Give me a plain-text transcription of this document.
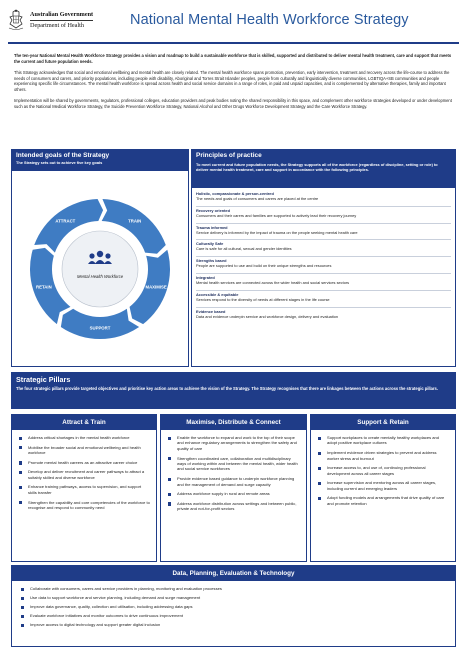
Australian Government
Department of Health	National Mental Health Workforce Strategy

The ten-year National Mental Health Workforce Strategy provides a vision and roadmap to build a sustainable workforce that is skilled, supported and distributed to deliver mental health treatment, care and support that meets the current and future population needs.

This Strategy acknowledges that social and emotional wellbeing and mental health are closely related. The mental health workforce spans promotion, prevention, early intervention, treatment and recovery across the life-course to address the needs of consumers and carers, and priority populations, including people with disability, Aboriginal and Torres Strait Islander peoples, people from culturally and linguistically diverse communities, LGBTIQA+SB communities and people experiencing specific life circumstances. The mental health workforce is spread across health and social service domains in a range of roles, in paid and unpaid capacities, and is complemented by alternative therapies, family and important others.

Implementation will be shared by governments, regulators, professional colleges, education providers and peak bodies noting the shared responsibility in this space, and complement other workforce strategies developed or under development such as the National Medical Workforce Strategy, the Suicide Prevention Workforce Strategy, National Alcohol and Other Drugs Workforce Development Strategy and the Care Workforce Strategy.

Intended goals of the Strategy
The Strategy sets out to achieve five key goals
Mental Health Workforce
ATTRACT	TRAIN
MAXIMISE
SUPPORT
RETAIN
Principles of practice
To meet current and future population needs, the Strategy supports all of the workforce (regardless of discipline, setting or role) to deliver mental health treatment, care and support in accordance with the following principles.
Holistic, compassionate & person-centred
The needs and goals of consumers and carers are placed at the centre
Recovery oriented
Consumers and their carers and families are supported to actively lead their recovery journey
Trauma informed
Service delivery is informed by the impact of trauma on the people seeking mental health care
Culturally Safe
Care is safe for all cultural, sexual and gender identities
Strengths based
People are supported to use and build on their unique strengths and resources
Integrated
Mental health services are connected across the wider health and social services sectors
Accessible & equitable
Services respond to the diversity of needs at different stages in the life course
Evidence based
Data and evidence underpin service and workforce design, delivery and evaluation
Strategic Pillars
The four strategic pillars provide targeted objectives and prioritise key action areas to achieve the vision of the Strategy. The Strategy recognises that there are linkages between the actions across the strategic pillars.
Attract & Train
Address critical shortages in the mental health workforce
Mobilise the broader social and emotional wellbeing and health workforce
Promote mental health careers as an attractive career choice
Develop and deliver recruitment and career pathways to attract a suitably skilled and diverse workforce
Enhance training pathways, access to supervision, and support skills transfer
Strengthen the capability and core competencies of the workforce to recognise and respond to community need
Maximise, Distribute & Connect
Enable the workforce to expand and work to the top of their scope and enhance regulatory arrangements to strengthen the safety and quality of care
Strengthen coordinated care, collaboration and multidisciplinary ways of working within and between the mental health, wider health and social service workforces
Provide evidence based guidance to underpin workforce planning and the management of demand and surge capacity
Address workforce supply in rural and remote areas
Address workforce distribution across settings and between public, private and not-for-profit sectors
Support & Retain
Support workplaces to create mentally healthy workplaces and adopt positive workplace cultures
Implement evidence driven strategies to prevent and address worker stress and burnout
Increase access to, and use of, continuing professional development across all career stages
Increase supervision and mentoring across all career stages, including current and emerging leaders
Adopt funding models and arrangements that drive quality of care and promote retention
Data, Planning, Evaluation & Technology
Collaborate with consumers, carers and service providers in planning, monitoring and evaluation processes
Use data to support workforce and service planning, including demand and surge management
Improve data governance, quality, collection and utilisation, including addressing data gaps
Evaluate workforce initiatives and monitor outcomes to drive continuous improvement
Improve access to digital technology and support greater digital inclusion
